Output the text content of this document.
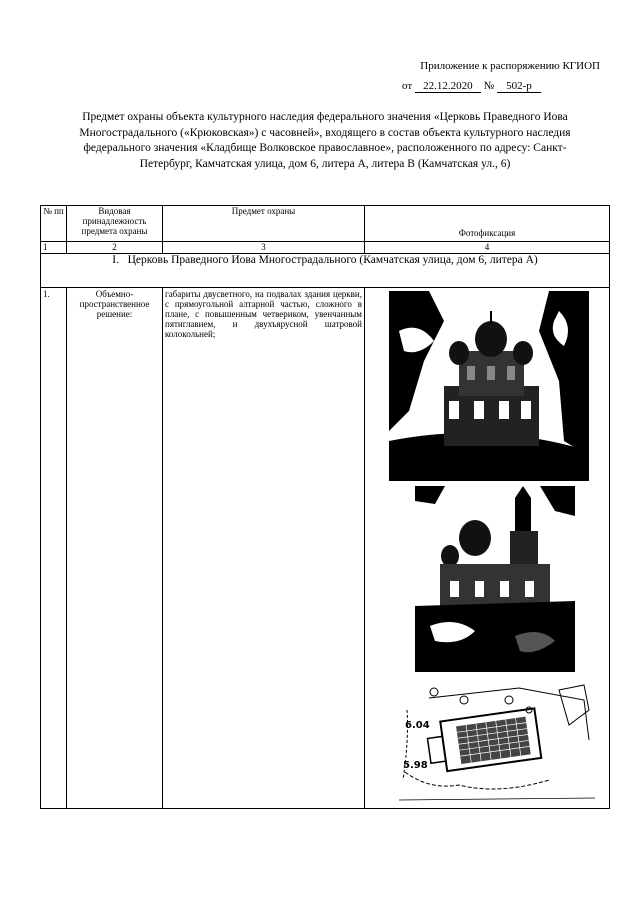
Приложение к распоряжению КГИОП
от 22.12.2020 № 502-р
Предмет охраны объекта культурного наследия федерального значения «Церковь Праведного Иова Многострадального («Крюковская») с часовней», входящего в состав объекта культурного наследия федерального значения «Кладбище Волковское православное», расположенного по адресу: Санкт-Петербург, Камчатская улица, дом 6, литера А, литера В (Камчатская ул., 6)
№ пп	Видовая принадлежность предмета охраны	Предмет охраны	Фотофиксация
1	2	3	4
I. Церковь Праведного Иова Многострадального (Камчатская улица, дом 6, литера А)			
1.	Объемно-пространственное решение:	габариты двусветного, на подвалах здания церкви, с прямоугольной алтарной частью, сложного в плане, с повышенным четвериком, увенчанным пятиглавием, и двухъярусной шатровой колокольней;	6.04
5.98
